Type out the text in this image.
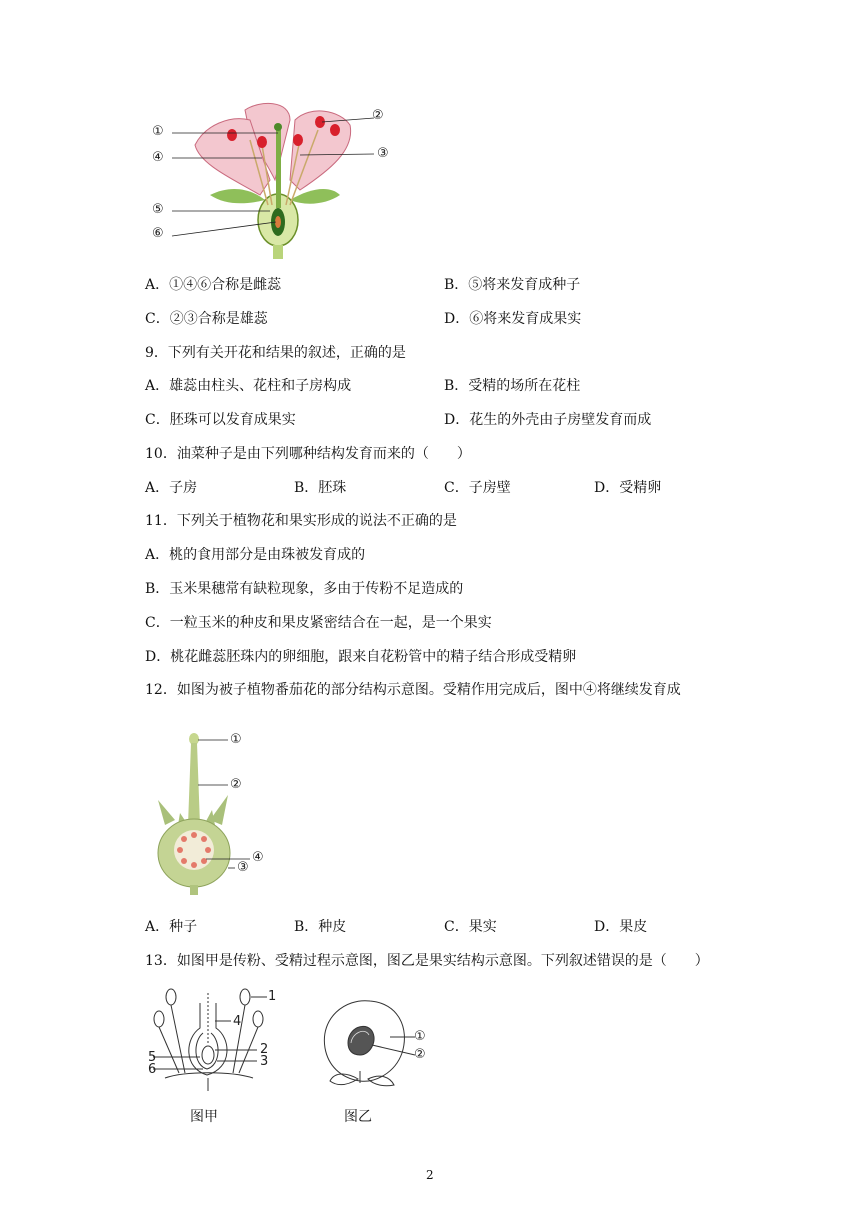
①
②
③
④
⑤
⑥
A．①④⑥合称是雌蕊	B．⑤将来发育成种子
C．②③合称是雄蕊	D．⑥将来发育成果实
9．下列有关开花和结果的叙述，正确的是
A．雄蕊由柱头、花柱和子房构成	B．受精的场所在花柱
C．胚珠可以发育成果实	D．花生的外壳由子房壁发育而成
10．油菜种子是由下列哪种结构发育而来的（　　）
A．子房	B．胚珠	C．子房壁	D．受精卵
11．下列关于植物花和果实形成的说法不正确的是
A．桃的食用部分是由珠被发育成的
B．玉米果穗常有缺粒现象，多由于传粉不足造成的
C．一粒玉米的种皮和果皮紧密结合在一起，是一个果实
D．桃花雌蕊胚珠内的卵细胞，跟来自花粉管中的精子结合形成受精卵
12．如图为被子植物番茄花的部分结构示意图。受精作用完成后，图中④将继续发育成
①
②
④
③
A．种子	B．种皮	C．果实	D．果皮
13．如图甲是传粉、受精过程示意图，图乙是果实结构示意图。下列叙述错误的是（　　）
1
4
2
5	3
6
图甲
①
②
图乙
2
